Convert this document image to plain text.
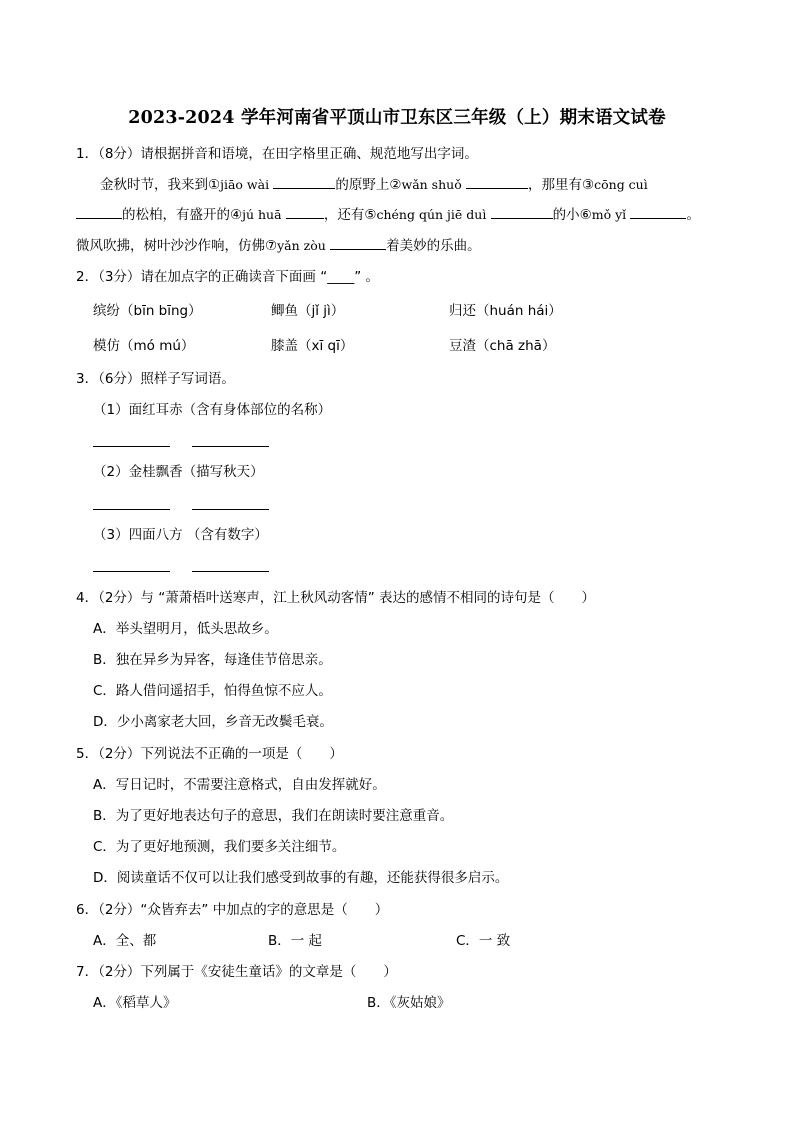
2023-2024 学年河南省平顶山市卫东区三年级（上）期末语文试卷
1．（8分）请根据拼音和语境，在田字格里正确、规范地写出字词。
金秋时节，我来到①jiāo wài	的原野上②wǎn shuǒ	，那里有③cōng cuì
的松柏，有盛开的④jú huā	，还有⑤chéng qún jiē duì	的小⑥mǒ yǐ	。
微风吹拂，树叶沙沙作响，仿佛⑦yǎn zòu	着美妙的乐曲。
2．（3分）请在加点字的正确读音下面画 “____” 。
缤纷（bīn bīng）	鲫鱼（jǐ jì）	归还（huán hái）
模仿（mó mú）	膝盖（xī qī）	豆渣（chā zhā）
3．（6分）照样子写词语。
（1）面红耳赤（含有身体部位的名称）
（2）金桂飘香（描写秋天）
（3）四面八方 （含有数字）
4．（2分）与 “萧萧梧叶送寒声，江上秋风动客情” 表达的感情不相同的诗句是（　　）
A．举头望明月，低头思故乡。
B．独在异乡为异客，每逢佳节倍思亲。
C．路人借问遥招手，怕得鱼惊不应人。
D．少小离家老大回，乡音无改鬓毛衰。
5．（2分）下列说法不正确的一项是（　　）
A．写日记时，不需要注意格式，自由发挥就好。
B．为了更好地表达句子的意思，我们在朗读时要注意重音。
C．为了更好地预测，我们要多关注细节。
D．阅读童话不仅可以让我们感受到故事的有趣，还能获得很多启示。
6．（2分）“众皆弃去” 中加点的字的意思是（　　）
A．全、都	B．一 起	C．一 致
7．（2分）下列属于《安徒生童话》的文章是（　　）
A．《稻草人》	B．《灰姑娘》
